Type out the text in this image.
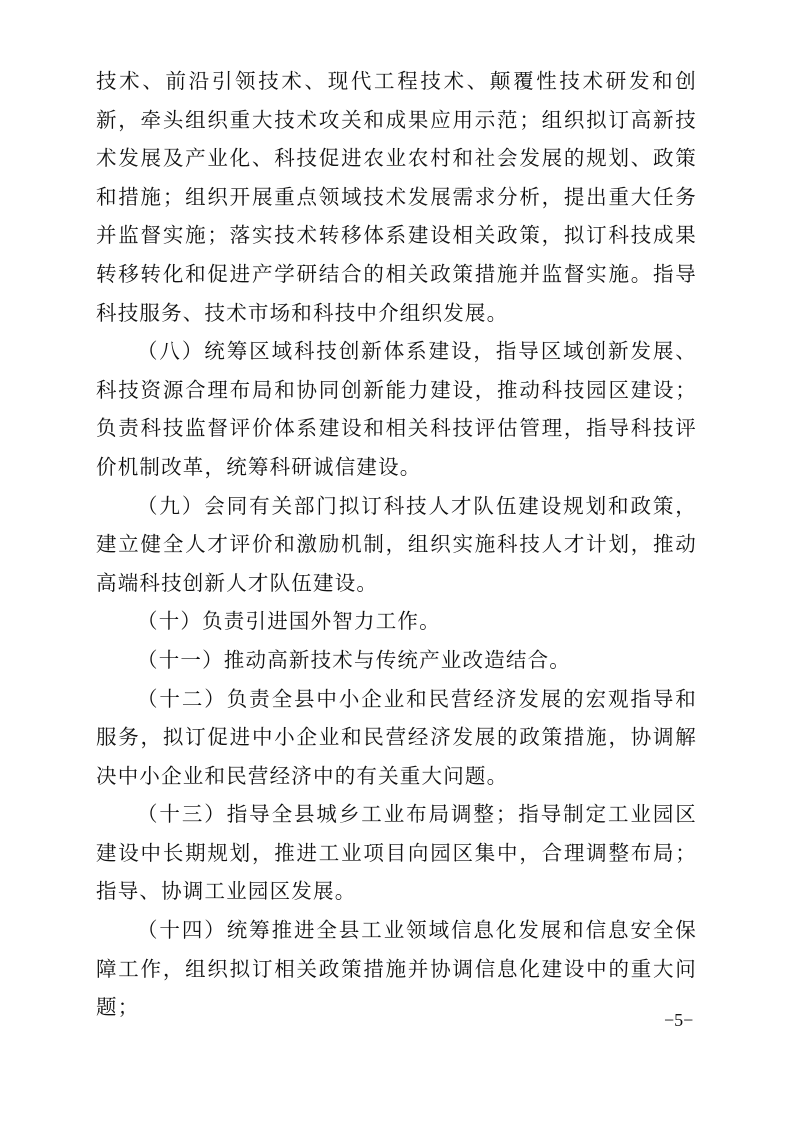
技术、前沿引领技术、现代工程技术、颠覆性技术研发和创新，牵头组织重大技术攻关和成果应用示范；组织拟订高新技术发展及产业化、科技促进农业农村和社会发展的规划、政策和措施；组织开展重点领域技术发展需求分析，提出重大任务并监督实施；落实技术转移体系建设相关政策，拟订科技成果转移转化和促进产学研结合的相关政策措施并监督实施。指导科技服务、技术市场和科技中介组织发展。

（八）统筹区域科技创新体系建设，指导区域创新发展、科技资源合理布局和协同创新能力建设，推动科技园区建设；负责科技监督评价体系建设和相关科技评估管理，指导科技评价机制改革，统筹科研诚信建设。

（九）会同有关部门拟订科技人才队伍建设规划和政策，建立健全人才评价和激励机制，组织实施科技人才计划，推动高端科技创新人才队伍建设。

（十）负责引进国外智力工作。

（十一）推动高新技术与传统产业改造结合。

（十二）负责全县中小企业和民营经济发展的宏观指导和服务，拟订促进中小企业和民营经济发展的政策措施，协调解决中小企业和民营经济中的有关重大问题。

（十三）指导全县城乡工业布局调整；指导制定工业园区建设中长期规划，推进工业项目向园区集中，合理调整布局；指导、协调工业园区发展。

（十四）统筹推进全县工业领域信息化发展和信息安全保障工作，组织拟订相关政策措施并协调信息化建设中的重大问题；

−5−
